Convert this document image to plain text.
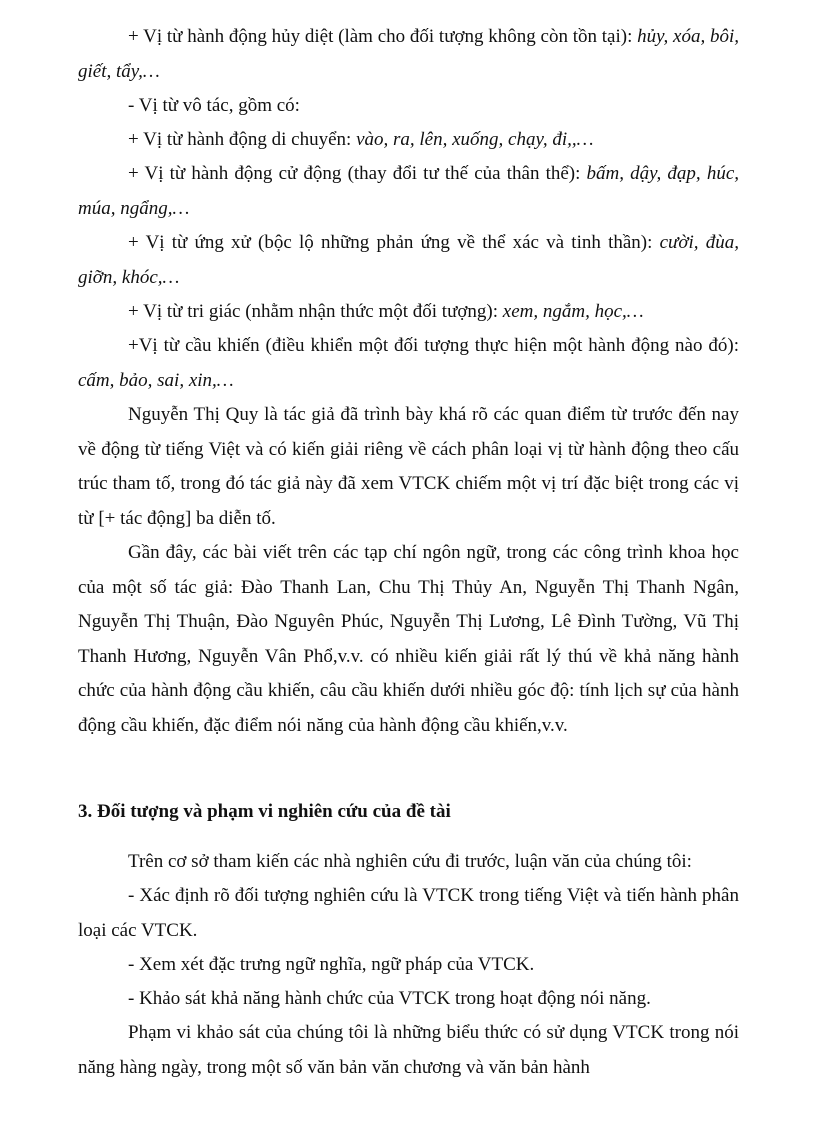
+ Vị từ hành động hủy diệt (làm cho đối tượng không còn tồn tại): hủy, xóa, bôi, giết, tẩy,…

- Vị từ vô tác, gồm có:

+ Vị từ hành động di chuyển: vào, ra, lên, xuống, chạy, đi,,…

+ Vị từ hành động cử động (thay đổi tư thế của thân thể): bấm, dậy, đạp, húc, múa, ngẩng,…

+ Vị từ ứng xử (bộc lộ những phản ứng về thể xác và tinh thần): cười, đùa, giỡn, khóc,…

+ Vị từ tri giác (nhằm nhận thức một đối tượng): xem, ngắm, học,…

+Vị từ cầu khiến (điều khiển một đối tượng thực hiện một hành động nào đó): cấm, bảo, sai, xin,…

Nguyễn Thị Quy là tác giả đã trình bày khá rõ các quan điểm từ trước đến nay về động từ tiếng Việt và có kiến giải riêng về cách phân loại vị từ hành động theo cấu trúc tham tố, trong đó tác giả này đã xem VTCK chiếm một vị trí đặc biệt trong các vị từ [+ tác động] ba diễn tố.

Gần đây, các bài viết trên các tạp chí ngôn ngữ, trong các công trình khoa học của một số tác giả: Đào Thanh Lan, Chu Thị Thủy An, Nguyễn Thị Thanh Ngân, Nguyễn Thị Thuận, Đào Nguyên Phúc, Nguyễn Thị Lương, Lê Đình Tường, Vũ Thị Thanh Hương, Nguyễn Vân Phổ,v.v. có nhiều kiến giải rất lý thú về khả năng hành chức của hành động cầu khiến, câu cầu khiến dưới nhiều góc độ: tính lịch sự của hành động cầu khiến, đặc điểm nói năng của hành động cầu khiến,v.v.

3. Đối tượng và phạm vi nghiên cứu của đề tài

Trên cơ sở tham kiến các nhà nghiên cứu đi trước, luận văn của chúng tôi:

- Xác định rõ đối tượng nghiên cứu là VTCK trong tiếng Việt và tiến hành phân loại các VTCK.

- Xem xét đặc trưng ngữ nghĩa, ngữ pháp của VTCK.

- Khảo sát khả năng hành chức của VTCK trong hoạt động nói năng.

Phạm vi khảo sát của chúng tôi là những biểu thức có sử dụng VTCK trong nói năng hàng ngày, trong một số văn bản văn chương và văn bản hành
